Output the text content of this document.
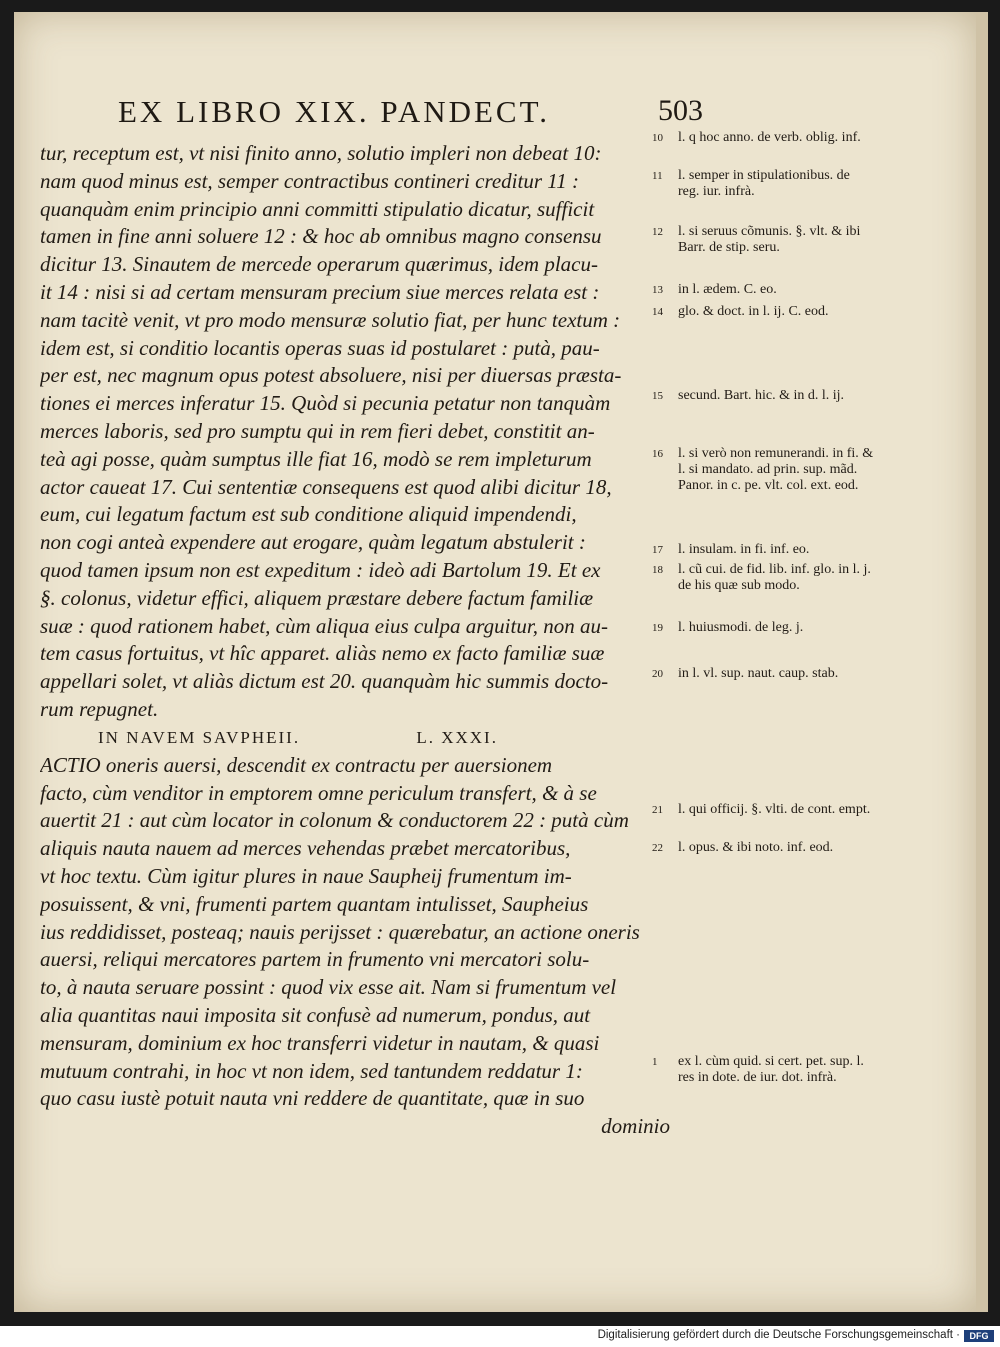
EX LIBRO XIX. PANDECT.	503
tur, receptum est, vt nisi finito anno, solutio impleri non debeat 10:
nam quod minus est, semper contractibus contineri creditur 11 :
quanquàm enim principio anni committi stipulatio dicatur, sufficit
tamen in fine anni soluere 12 : & hoc ab omnibus magno consensu
dicitur 13. Sinautem de mercede operarum quærimus, idem placu-
it 14 : nisi si ad certam mensuram precium siue merces relata est :
nam tacitè venit, vt pro modo mensuræ solutio fiat, per hunc textum :
idem est, si conditio locantis operas suas id postularet : putà, pau-
per est, nec magnum opus potest absoluere, nisi per diuersas præsta-
tiones ei merces inferatur 15. Quòd si pecunia petatur non tanquàm
merces laboris, sed pro sumptu qui in rem fieri debet, constitit an-
teà agi posse, quàm sumptus ille fiat 16, modò se rem impleturum
actor caueat 17. Cui sententiæ consequens est quod alibi dicitur 18,
eum, cui legatum factum est sub conditione aliquid impendendi,
non cogi anteà expendere aut erogare, quàm legatum abstulerit :
quod tamen ipsum non est expeditum : ideò adi Bartolum 19. Et ex
§. colonus, videtur effici, aliquem præstare debere factum familiæ
suæ : quod rationem habet, cùm aliqua eius culpa arguitur, non au-
tem casus fortuitus, vt hîc apparet. aliàs nemo ex facto familiæ suæ
appellari solet, vt aliàs dictum est 20. quanquàm hic summis docto-
rum repugnet.
IN NAVEM SAVPHEII.	L. XXXI.
ACTIO oneris auersi, descendit ex contractu per auersionem
facto, cùm venditor in emptorem omne periculum transfert, & à se
auertit 21 : aut cùm locator in colonum & conductorem 22 : putà cùm
aliquis nauta nauem ad merces vehendas præbet mercatoribus,
vt hoc textu. Cùm igitur plures in naue Saupheij frumentum im-
posuissent, & vni, frumenti partem quantam intulisset, Saupheius
ius reddidisset, posteaq; nauis perijsset : quærebatur, an actione oneris
auersi, reliqui mercatores partem in frumento vni mercatori solu-
to, à nauta seruare possint : quod vix esse ait. Nam si frumentum vel
alia quantitas naui imposita sit confusè ad numerum, pondus, aut
mensuram, dominium ex hoc transferri videtur in nautam, & quasi
mutuum contrahi, in hoc vt non idem, sed tantundem reddatur 1:
quo casu iustè potuit nauta vni reddere de quantitate, quæ in suo
dominio
10 l. q hoc anno. de verb. oblig. inf.
11 l. semper in stipulationibus. de reg. iur. infrà.
12 l. si seruus cõmunis. §. vlt. & ibi Barr. de stip. seru.
13 in l. ædem. C. eo.
14 glo. & doct. in l. ij. C. eod.
15 secund. Bart. hic. & in d. l. ij.
16 l. si verò non remunerandi. in fi. & l. si mandato. ad prin. sup. mãd. Panor. in c. pe. vlt. col. ext. eod.
17 l. insulam. in fi. inf. eo.
18 l. cũ cui. de fid. lib. inf. glo. in l. j. de his quæ sub modo.
19 l. huiusmodi. de leg. j.
20 in l. vl. sup. naut. caup. stab.
21 l. qui officij. §. vlti. de cont. empt.
22 l. opus. & ibi noto. inf. eod.
1 ex l. cùm quid. si cert. pet. sup. l. res in dote. de iur. dot. infrà.
Digitalisierung gefördert durch die Deutsche Forschungsgemeinschaft ·	DFG
